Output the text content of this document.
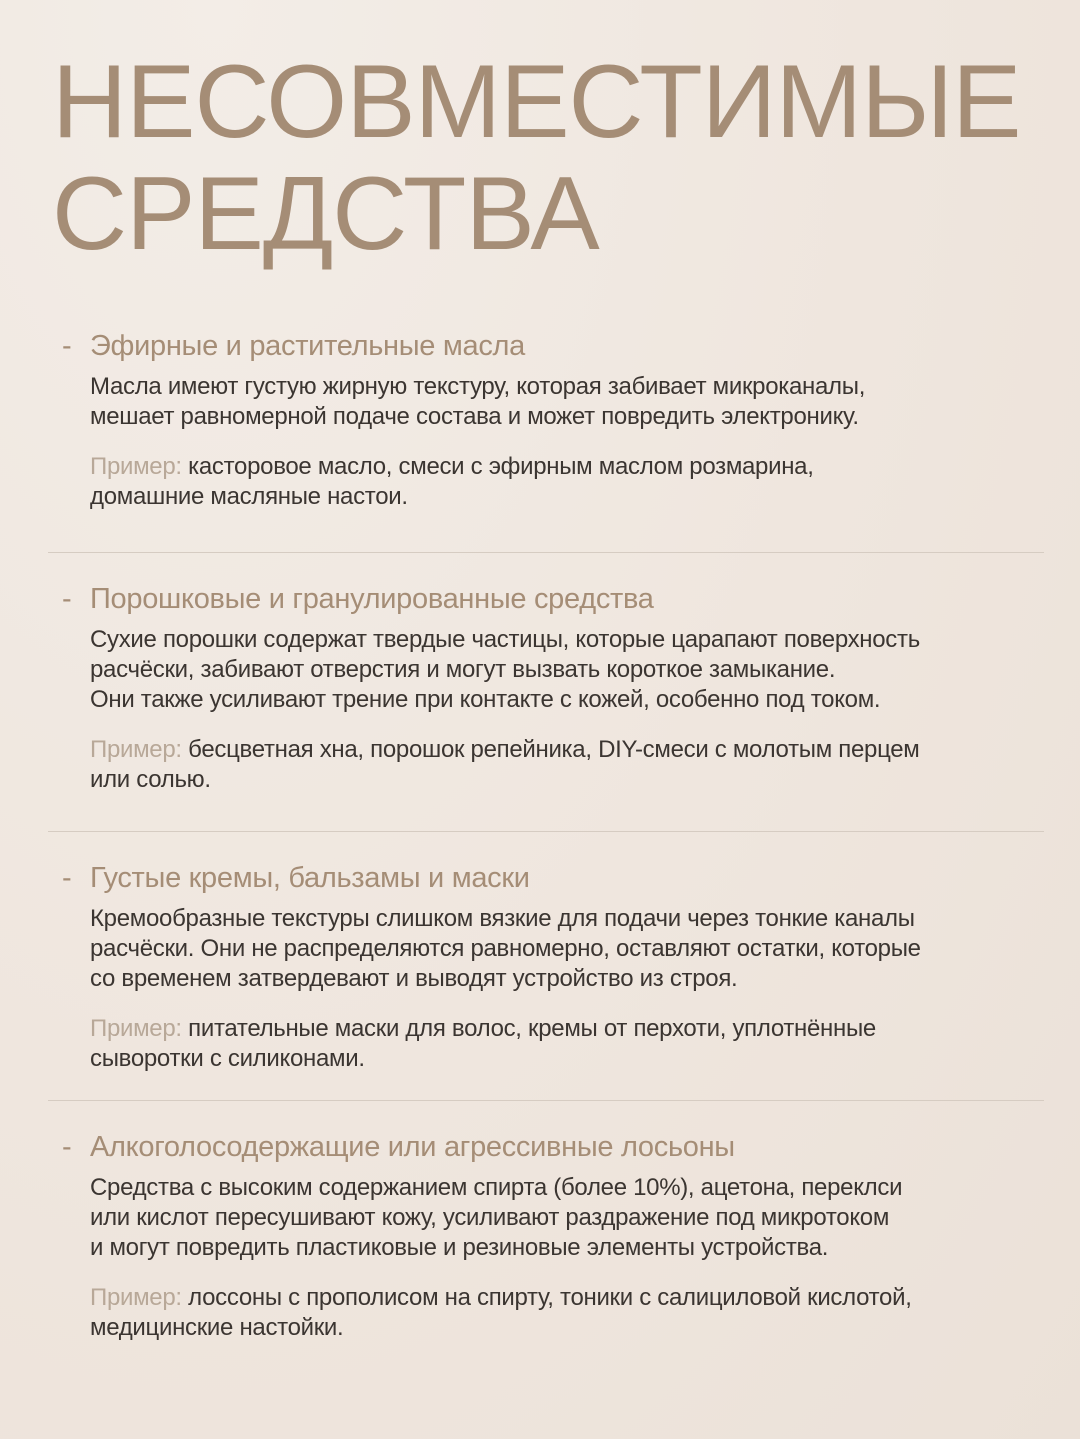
НЕСОВМЕСТИМЫЕ
СРЕДСТВА
- Эфирные и растительные масла

Масла имеют густую жирную текстуру, которая забивает микроканалы,
мешает равномерной подаче состава и может повредить электронику.

Пример: касторовое масло, смеси с эфирным маслом розмарина,
домашние масляные настои.

- Порошковые и гранулированные средства

Сухие порошки содержат твердые частицы, которые царапают поверхность
расчёски, забивают отверстия и могут вызвать короткое замыкание.
Они также усиливают трение при контакте с кожей, особенно под током.

Пример: бесцветная хна, порошок репейника, DIY-смеси с молотым перцем
или солью.

- Густые кремы, бальзамы и маски

Кремообразные текстуры слишком вязкие для подачи через тонкие каналы
расчёски. Они не распределяются равномерно, оставляют остатки, которые
со временем затвердевают и выводят устройство из строя.

Пример: питательные маски для волос, кремы от перхоти, уплотнённые
сыворотки с силиконами.

- Алкоголосодержащие или агрессивные лосьоны

Средства с высоким содержанием спирта (более 10%), ацетона, переклси
или кислот пересушивают кожу, усиливают раздражение под микротоком
и могут повредить пластиковые и резиновые элементы устройства.

Пример: лоссоны с прополисом на спирту, тоники с салициловой кислотой,
медицинские настойки.
